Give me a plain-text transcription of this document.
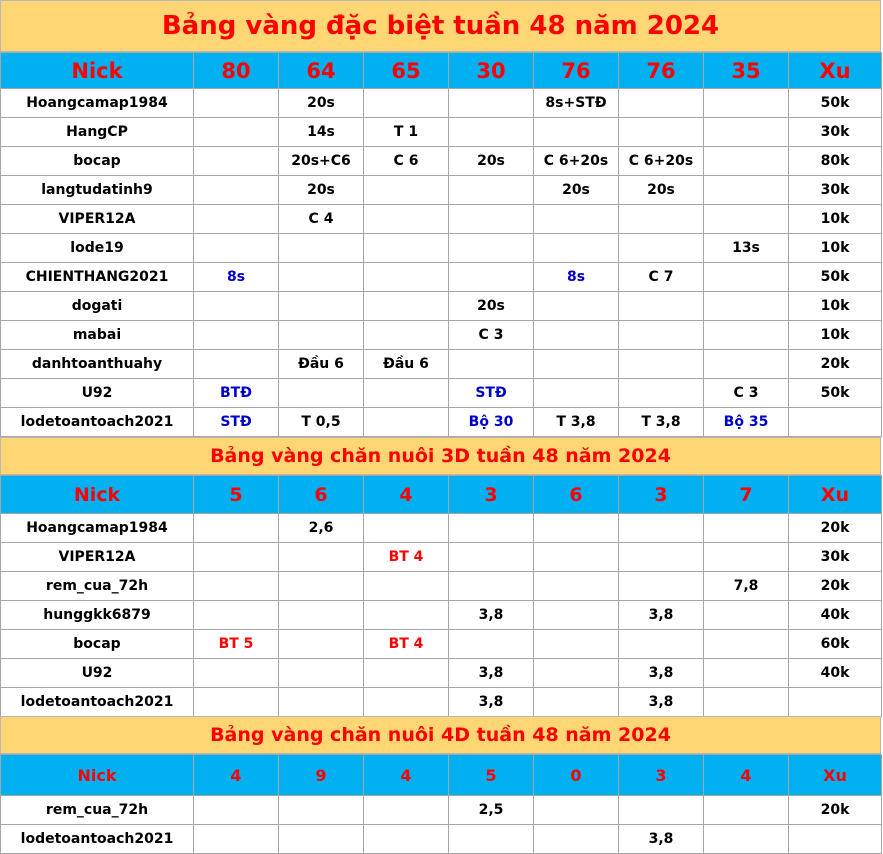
Bảng vàng đặc biệt tuần 48 năm 2024
Nick	80	64	65	30	76	76	35	Xu
Hoangcamap1984		20s			8s+STĐ			50k
HangCP		14s	T 1					30k
bocap		20s+C6	C 6	20s	C 6+20s	C 6+20s		80k
langtudatinh9		20s			20s	20s		30k
VIPER12A		C 4						10k
lode19							13s	10k
CHIENTHANG2021	8s				8s	C 7		50k
dogati				20s				10k
mabai				C 3				10k
danhtoanthuahy		Đầu 6	Đầu 6					20k
U92	BTĐ			STĐ			C 3	50k
lodetoantoach2021	STĐ	T 0,5		Bộ 30	T 3,8	T 3,8	Bộ 35	
Bảng vàng chăn nuôi 3D tuần 48 năm 2024
Nick	5	6	4	3	6	3	7	Xu
Hoangcamap1984		2,6						20k
VIPER12A			BT 4					30k
rem_cua_72h							7,8	20k
hunggkk6879				3,8		3,8		40k
bocap	BT 5		BT 4					60k
U92				3,8		3,8		40k
lodetoantoach2021				3,8		3,8		
Bảng vàng chăn nuôi 4D tuần 48 năm 2024
Nick	4	9	4	5	0	3	4	Xu
rem_cua_72h				2,5				20k
lodetoantoach2021						3,8		
